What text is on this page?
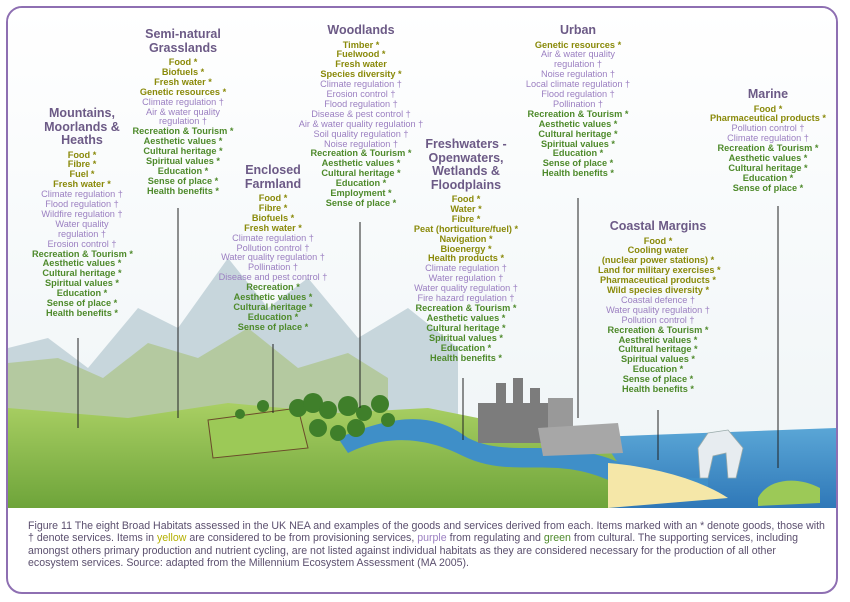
Mountains,
Moorlands &
Heaths
Food *
Fibre *
Fuel *
Fresh water *
Climate regulation †
Flood regulation †
Wildfire regulation †
Water quality
regulation †
Erosion control †
Recreation & Tourism *
Aesthetic values *
Cultural heritage *
Spiritual values *
Education *
Sense of place *
Health benefits *
Semi-natural
Grasslands
Food *
Biofuels *
Fresh water *
Genetic resources *
Climate regulation †
Air & water quality
regulation †
Recreation & Tourism *
Aesthetic values *
Cultural heritage *
Spiritual values *
Education *
Sense of place *
Health benefits *
Enclosed
Farmland
Food *
Fibre *
Biofuels *
Fresh water *
Climate regulation †
Pollution control †
Water quality regulation †
Pollination †
Disease and pest control †
Recreation *
Aesthetic values *
Cultural heritage *
Education *
Sense of place *
Woodlands
Timber *
Fuelwood *
Fresh water
Species diversity *
Climate regulation †
Erosion control †
Flood regulation †
Disease & pest control †
Air & water quality regulation †
Soil quality regulation †
Noise regulation †
Recreation & Tourism *
Aesthetic values *
Cultural heritage *
Education *
Employment *
Sense of place *
Freshwaters -
Openwaters,
Wetlands &
Floodplains
Food *
Water *
Fibre *
Peat (horticulture/fuel) *
Navigation *
Bioenergy *
Health products *
Climate regulation †
Water regulation †
Water quality regulation †
Fire hazard regulation †
Recreation & Tourism *
Aesthetic values *
Cultural heritage *
Spiritual values *
Education *
Health benefits *
Urban
Genetic resources *
Air & water quality
regulation †
Noise regulation †
Local climate regulation †
Flood regulation †
Pollination †
Recreation & Tourism *
Aesthetic values *
Cultural heritage *
Spiritual values *
Education *
Sense of place *
Health benefits *
Coastal Margins
Food *
Cooling water
(nuclear power stations) *
Land for military exercises *
Pharmaceutical products *
Wild species diversity *
Coastal defence †
Water quality regulation †
Pollution control †
Recreation & Tourism *
Aesthetic values *
Cultural heritage *
Spiritual values *
Education *
Sense of place *
Health benefits *
Marine
Food *
Pharmaceutical products *
Pollution control †
Climate regulation †
Recreation & Tourism *
Aesthetic values *
Cultural heritage *
Education *
Sense of place *
Figure 11 The eight Broad Habitats assessed in the UK NEA and examples of the goods and services derived from each. Items marked with an * denote goods, those with † denote services. Items in yellow are considered to be from provisioning services, purple from regulating and green from cultural. The supporting services, including amongst others primary production and nutrient cycling, are not listed against individual habitats as they are considered necessary for the production of all other ecosystem services. Source: adapted from the Millennium Ecosystem Assessment (MA 2005).
